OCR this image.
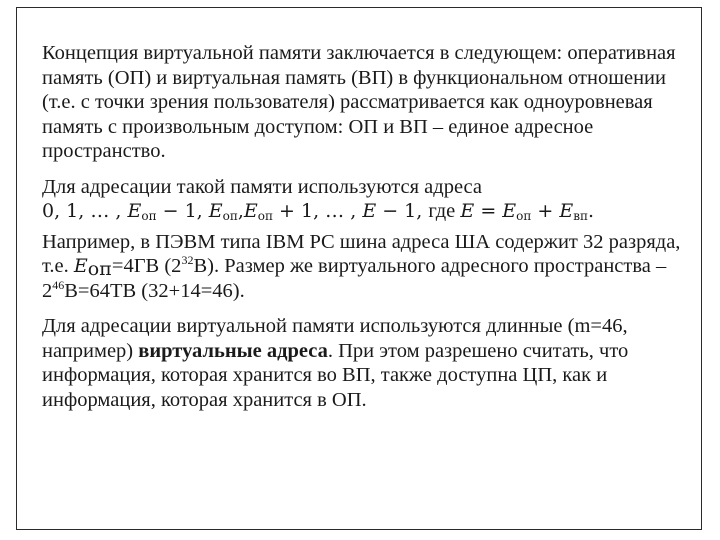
Концепция виртуальной памяти заключается в следующем: оперативная память (ОП) и виртуальная память (ВП) в функциональном отношении (т.е. с точки зрения пользователя) рассматривается как одноуровневая память с произвольным доступом: ОП и ВП – единое адресное пространство.

Для адресации такой памяти используются адреса
0, 1, … , $E_{оп} - 1$, $E_{оп},E_{оп} + 1$, … , E − 1, где $E = E_{оп} + E_{вп}$.

Например, в ПЭВМ типа IBM PC шина адреса ША содержит 32 разряда, т.е. $E_{оп}=4ГВ$ $(2^{32}В)$. Размер же виртуального адресного пространства – $2^{46}В=64ТВ$ (32+14=46).

Для адресации виртуальной памяти используются длинные (m=46, например) виртуальные адреса. При этом разрешено считать, что информация, которая хранится во ВП, также доступна ЦП, как и информация, которая хранится в ОП.
